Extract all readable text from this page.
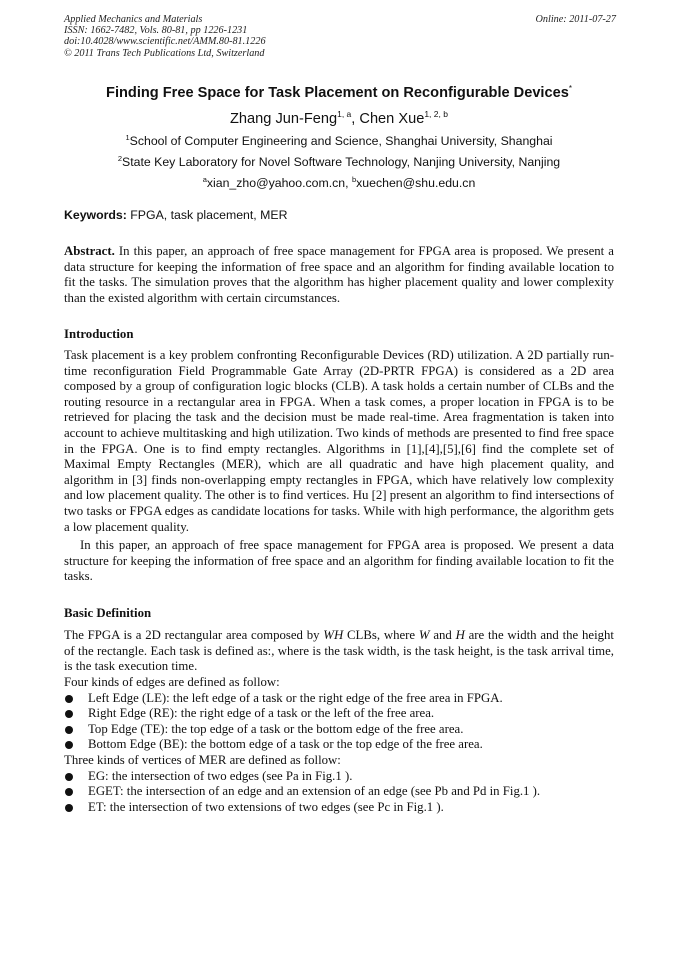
Applied Mechanics and Materials
ISSN: 1662-7482, Vols. 80-81, pp 1226-1231
doi:10.4028/www.scientific.net/AMM.80-81.1226
© 2011 Trans Tech Publications Ltd, Switzerland
Online: 2011-07-27
Finding Free Space for Task Placement on Reconfigurable Devices*
Zhang Jun-Feng$^{1, a}$, Chen Xue$^{1, 2, b}$
$^1$School of Computer Engineering and Science, Shanghai University, Shanghai
$^2$State Key Laboratory for Novel Software Technology, Nanjing University, Nanjing
$^a$xian_zho@yahoo.com.cn, $^b$xuechen@shu.edu.cn
Keywords: FPGA, task placement, MER
Abstract. In this paper, an approach of free space management for FPGA area is proposed. We present a data structure for keeping the information of free space and an algorithm for finding available location to fit the tasks. The simulation proves that the algorithm has higher placement quality and lower complexity than the existed algorithm with certain circumstances.
Introduction
Task placement is a key problem confronting Reconfigurable Devices (RD) utilization. A 2D partially run-time reconfiguration Field Programmable Gate Array (2D-PRTR FPGA) is considered as a 2D area composed by a group of configuration logic blocks (CLB). A task holds a certain number of CLBs and the routing resource in a rectangular area in FPGA. When a task comes, a proper location in FPGA is to be retrieved for placing the task and the decision must be made real-time. Area fragmentation is taken into account to achieve multitasking and high utilization. Two kinds of methods are presented to find free space in the FPGA. One is to find empty rectangles. Algorithms in [1],[4],[5],[6] find the complete set of Maximal Empty Rectangles (MER), which are all quadratic and have high placement quality, and algorithm in [3] finds non-overlapping empty rectangles in FPGA, which have relatively low complexity and low placement quality. The other is to find vertices. Hu [2] present an algorithm to find intersections of two tasks or FPGA edges as candidate locations for tasks. While with high performance, the algorithm gets a low placement quality.
In this paper, an approach of free space management for FPGA area is proposed. We present a data structure for keeping the information of free space and an algorithm for finding available location to fit the tasks.
Basic Definition
The FPGA is a 2D rectangular area composed by WH CLBs, where W and H are the width and the height of the rectangle. Each task is defined as:, where is the task width, is the task height, is the task arrival time, is the task execution time.
Four kinds of edges are defined as follow:
Left Edge (LE): the left edge of a task or the right edge of the free area in FPGA.
Right Edge (RE): the right edge of a task or the left of the free area.
Top Edge (TE): the top edge of a task or the bottom edge of the free area.
Bottom Edge (BE): the bottom edge of a task or the top edge of the free area.
Three kinds of vertices of MER are defined as follow:
EG: the intersection of two edges (see Pa in Fig.1 ).
EGET: the intersection of an edge and an extension of an edge (see Pb and Pd in Fig.1 ).
ET: the intersection of two extensions of two edges (see Pc in Fig.1 ).
